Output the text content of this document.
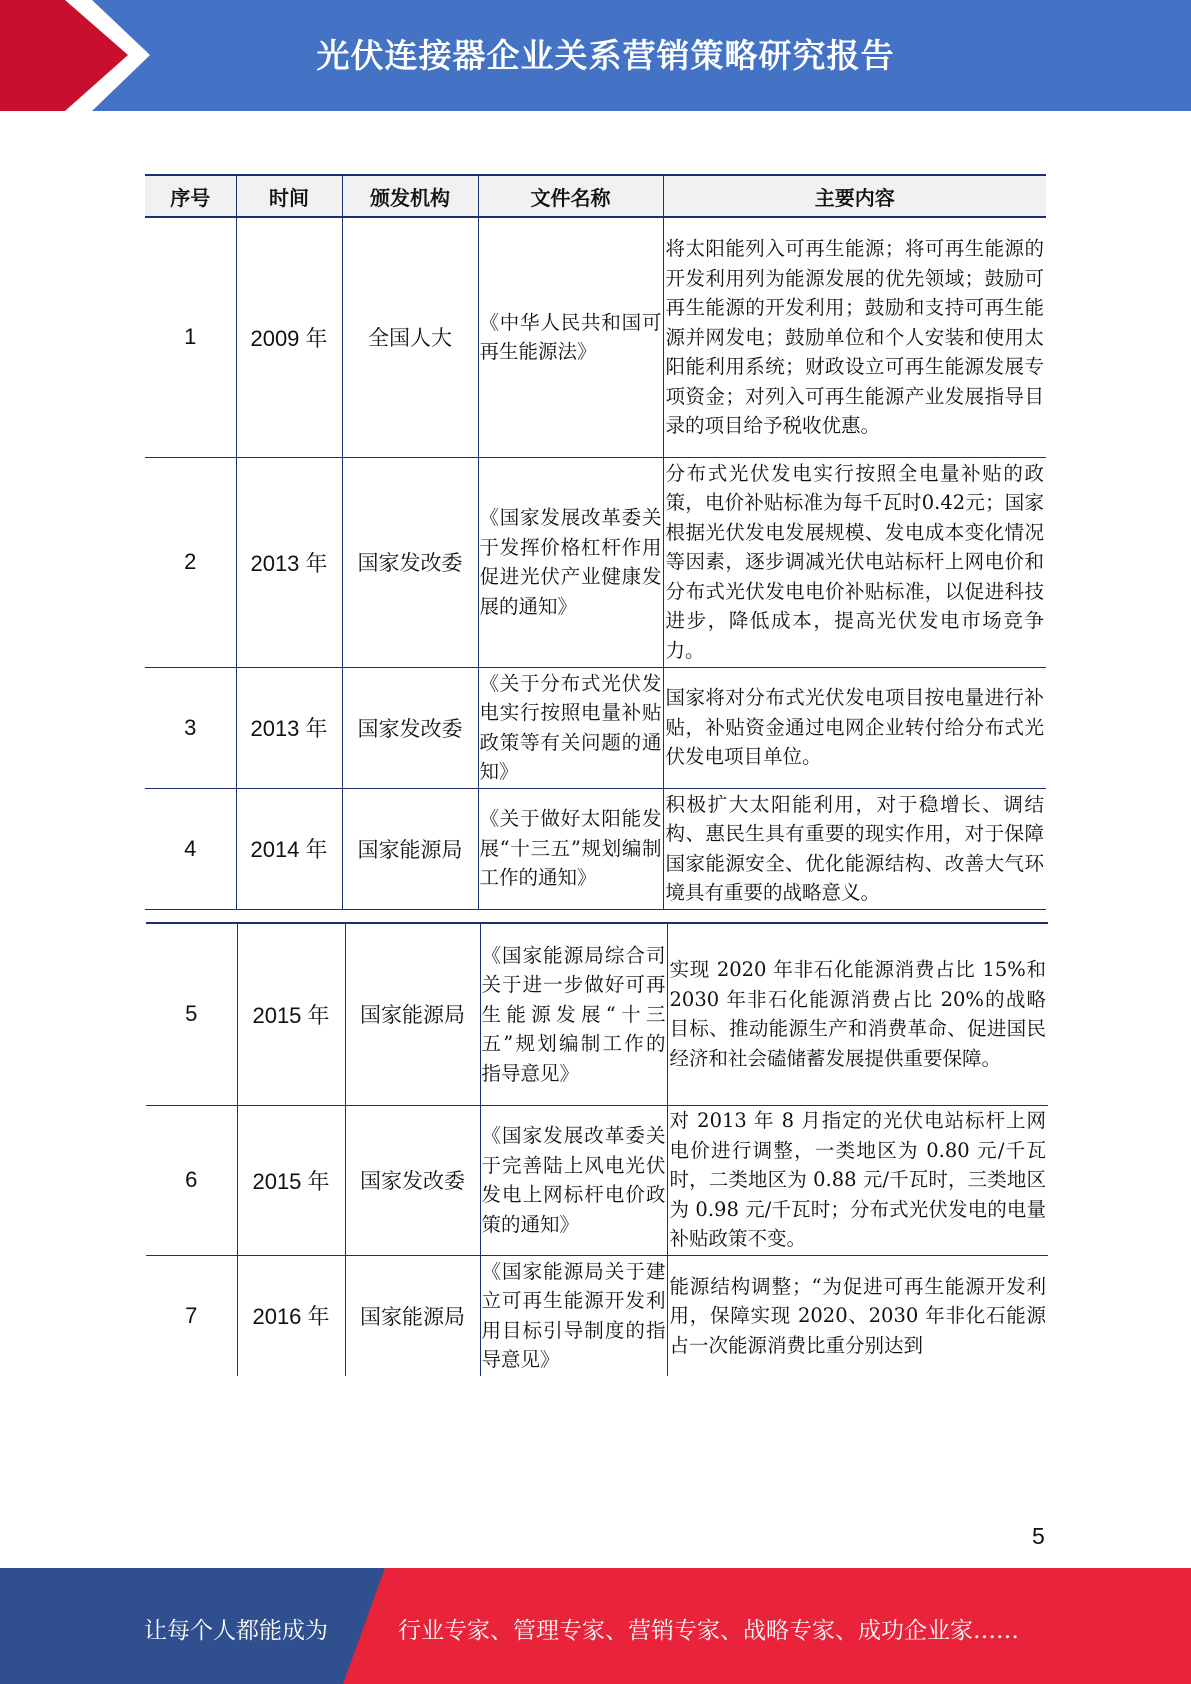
光伏连接器企业关系营销策略研究报告
序号	时间	颁发机构	文件名称	主要内容
1	2009 年	全国人大	《中华人民共和国可再生能源法》	将太阳能列入可再生能源；将可再生能源的开发利用列为能源发展的优先领域；鼓励可再生能源的开发利用；鼓励和支持可再生能源并网发电；鼓励单位和个人安装和使用太阳能利用系统；财政设立可再生能源发展专项资金；对列入可再生能源产业发展指导目录的项目给予税收优惠。
2	2013 年	国家发改委	《国家发展改革委关于发挥价格杠杆作用促进光伏产业健康发展的通知》	分布式光伏发电实行按照全电量补贴的政策，电价补贴标准为每千瓦时0.42元；国家根据光伏发电发展规模、发电成本变化情况等因素，逐步调减光伏电站标杆上网电价和分布式光伏发电电价补贴标准，以促进科技进步，降低成本，提高光伏发电市场竞争力。
3	2013 年	国家发改委	《关于分布式光伏发电实行按照电量补贴政策等有关问题的通知》	国家将对分布式光伏发电项目按电量进行补贴，补贴资金通过电网企业转付给分布式光伏发电项目单位。
4	2014 年	国家能源局	《关于做好太阳能发展“十三五”规划编制工作的通知》	积极扩大太阳能利用，对于稳增长、调结构、惠民生具有重要的现实作用，对于保障国家能源安全、优化能源结构、改善大气环境具有重要的战略意义。
5	2015 年	国家能源局	《国家能源局综合司关于进一步做好可再生能源发展“十三五”规划编制工作的指导意见》	实现 2020 年非石化能源消费占比 15%和 2030 年非石化能源消费占比 20%的战略目标、推动能源生产和消费革命、促进国民经济和社会磕储蓄发展提供重要保障。
6	2015 年	国家发改委	《国家发展改革委关于完善陆上风电光伏发电上网标杆电价政策的通知》	对 2013 年 8 月指定的光伏电站标杆上网电价进行调整，一类地区为 0.80 元/千瓦时，二类地区为 0.88 元/千瓦时，三类地区为 0.98 元/千瓦时；分布式光伏发电的电量补贴政策不变。
7	2016 年	国家能源局	《国家能源局关于建立可再生能源开发利用目标引导制度的指导意见》	能源结构调整；“为促进可再生能源开发利用，保障实现 2020、2030 年非化石能源占一次能源消费比重分别达到
5
让每个人都能成为	行业专家、管理专家、营销专家、战略专家、成功企业家……
